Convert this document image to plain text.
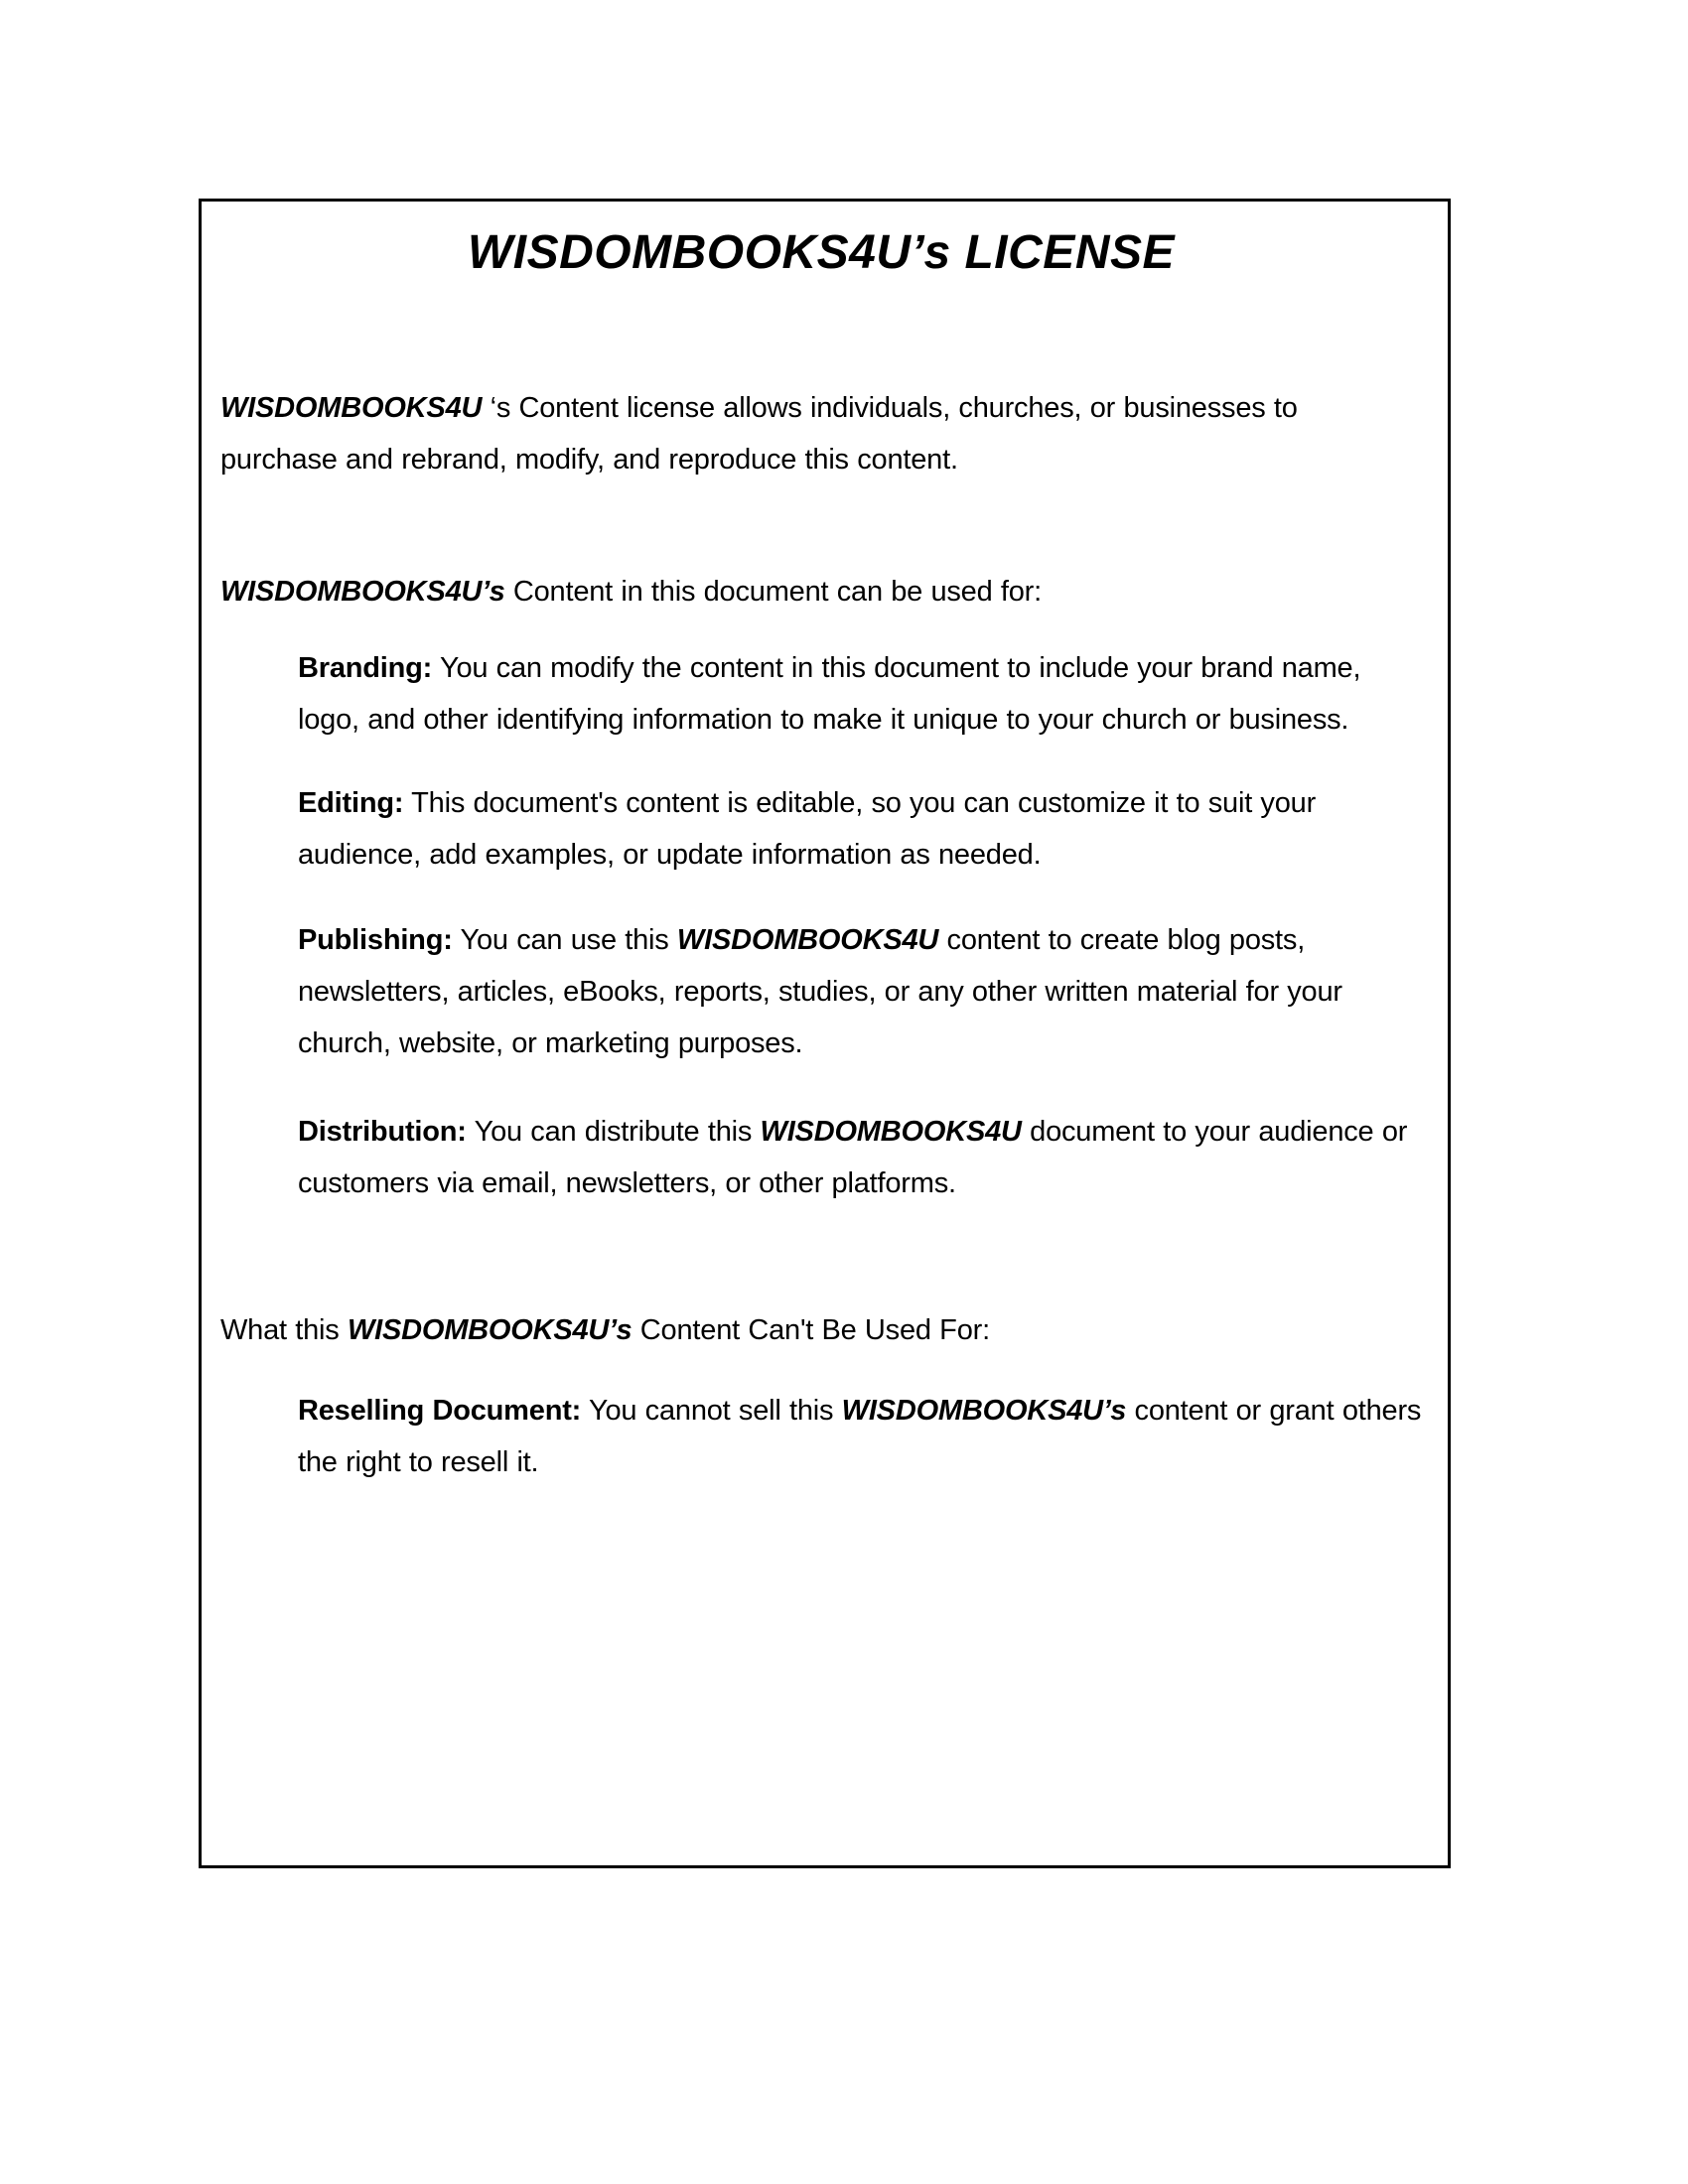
WISDOMBOOKS4U’s LICENSE

WISDOMBOOKS4U ‘s Content license allows individuals, churches, or businesses to purchase and rebrand, modify, and reproduce this content.

WISDOMBOOKS4U’s Content in this document can be used for:

Branding: You can modify the content in this document to include your brand name, logo, and other identifying information to make it unique to your church or business.

Editing: This document's content is editable, so you can customize it to suit your audience, add examples, or update information as needed.

Publishing: You can use this WISDOMBOOKS4U content to create blog posts, newsletters, articles, eBooks, reports, studies, or any other written material for your church, website, or marketing purposes.

Distribution: You can distribute this WISDOMBOOKS4U document to your audience or customers via email, newsletters, or other platforms.

What this WISDOMBOOKS4U’s Content Can't Be Used For:

Reselling Document: You cannot sell this WISDOMBOOKS4U’s content or grant others the right to resell it.
